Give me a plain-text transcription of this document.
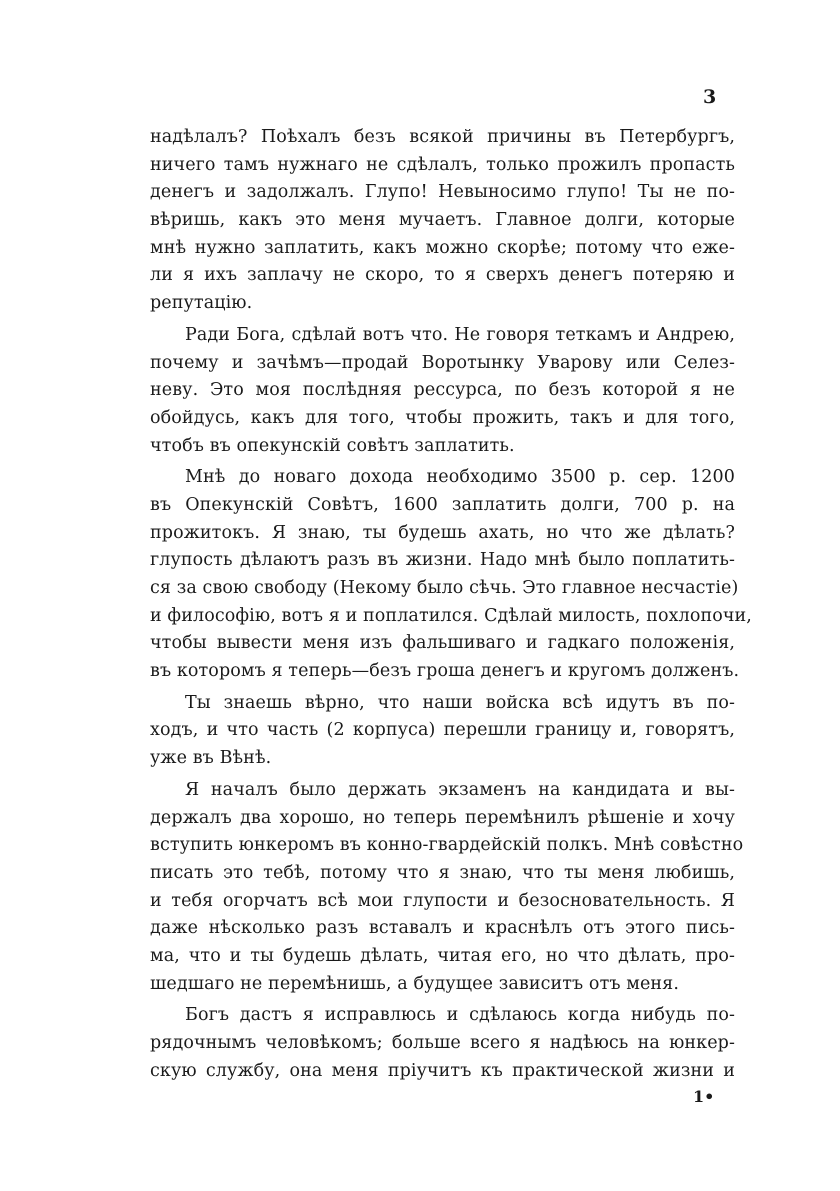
3

надѣлалъ? Поѣхалъ безъ всякой причины въ Петербургъ,
ничего тамъ нужнаго не сдѣлалъ, только прожилъ пропасть
денегъ и задолжалъ. Глупо! Невыносимо глупо! Ты не по-
вѣришь, какъ это меня мучаетъ. Главное долги, которые
мнѣ нужно заплатить, какъ можно скорѣе; потому что еже-
ли я ихъ заплачу не скоро, то я сверхъ денегъ потеряю и
репутацію.

Ради Бога, сдѣлай вотъ что. Не говоря теткамъ и Андрею,
почему и зачѣмъ—продай Воротынку Уварову или Селез-
неву. Это моя послѣдняя рессурса, по безъ которой я не
обойдусь, какъ для того, чтобы прожить, такъ и для того,
чтобъ въ опекунскій совѣтъ заплатить.

Мнѣ до новаго дохода необходимо 3500 р. сер. 1200
въ Опекунскій Совѣтъ, 1600 заплатить долги, 700 р. на
прожитокъ. Я знаю, ты будешь ахать, но что же дѣлать?
глупость дѣлаютъ разъ въ жизни. Надо мнѣ было поплатить-
ся за свою свободу (Некому было сѣчь. Это главное несчастіе)
и философію, вотъ я и поплатился. Сдѣлай милость, похлопочи,
чтобы вывести меня изъ фальшиваго и гадкаго положенія,
въ которомъ я теперь—безъ гроша денегъ и кругомъ долженъ.

Ты знаешь вѣрно, что наши войска всѣ идутъ въ по-
ходъ, и что часть (2 корпуса) перешли границу и, говорятъ,
уже въ Вѣнѣ.

Я началъ было держать экзаменъ на кандидата и вы-
держалъ два хорошо, но теперь перемѣнилъ рѣшеніе и хочу
вступить юнкеромъ въ конно-гвардейскій полкъ. Мнѣ совѣстно
писать это тебѣ, потому что я знаю, что ты меня любишь,
и тебя огорчатъ всѣ мои глупости и безосновательность. Я
даже нѣсколько разъ вставалъ и краснѣлъ отъ этого пись-
ма, что и ты будешь дѣлать, читая его, но что дѣлать, про-
шедшаго не перемѣнишь, а будущее зависитъ отъ меня.

Богъ дастъ я исправлюсь и сдѣлаюсь когда нибудь по-
рядочнымъ человѣкомъ; больше всего я надѣюсь на юнкер-
скую службу, она меня пріучитъ къ практической жизни и

1•
